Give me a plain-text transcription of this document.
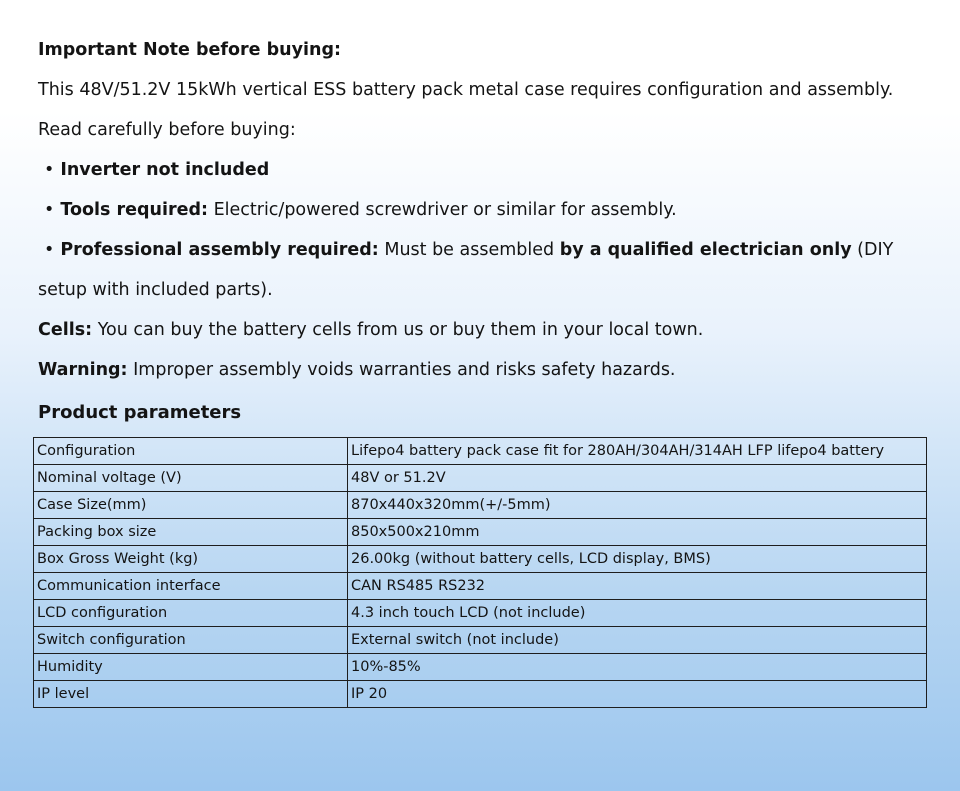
Important Note before buying:

This 48V/51.2V 15kWh vertical ESS battery pack metal case requires configuration and assembly. Read carefully before buying:

• Inverter not included

• Tools required: Electric/powered screwdriver or similar for assembly.

• Professional assembly required: Must be assembled by a qualified electrician only (DIY setup with included parts).

Cells: You can buy the battery cells from us or buy them in your local town.

Warning: Improper assembly voids warranties and risks safety hazards.

Product parameters
Configuration	Lifepo4 battery pack case fit for 280AH/304AH/314AH LFP lifepo4 battery
Nominal voltage (V)	48V or 51.2V
Case Size(mm)	870x440x320mm(+/-5mm)
Packing box size	850x500x210mm
Box Gross Weight (kg)	26.00kg (without battery cells, LCD display, BMS)
Communication interface	CAN RS485 RS232
LCD configuration	4.3 inch touch LCD (not include)
Switch configuration	External switch (not include)
Humidity	10%-85%
IP level	IP 20
